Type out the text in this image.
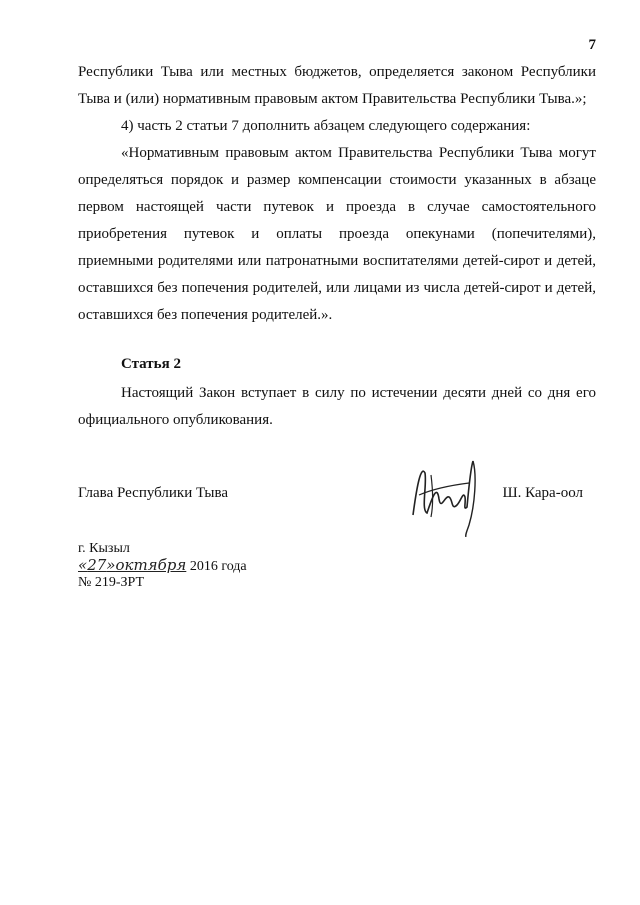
7

Республики Тыва или местных бюджетов, определяется законом Республики Тыва и (или) нормативным правовым актом Правительства Республики Тыва.»;

4) часть 2 статьи 7 дополнить абзацем следующего содержания:

«Нормативным правовым актом Правительства Республики Тыва могут определяться порядок и размер компенсации стоимости указанных в абзаце первом настоящей части путевок и проезда в случае самостоятельного приобретения путевок и оплаты проезда опекунами (попечителями), приемными родителями или патронатными воспитателями детей-сирот и детей, оставшихся без попечения родителей, или лицами из числа детей-сирот и детей, оставшихся без попечения родителей.».

Статья 2

Настоящий Закон вступает в силу по истечении десяти дней со дня его официального опубликования.

Глава Республики Тыва	Ш. Кара-оол
г. Кызыл
«27»октября 2016 года
№ 219-ЗРТ
